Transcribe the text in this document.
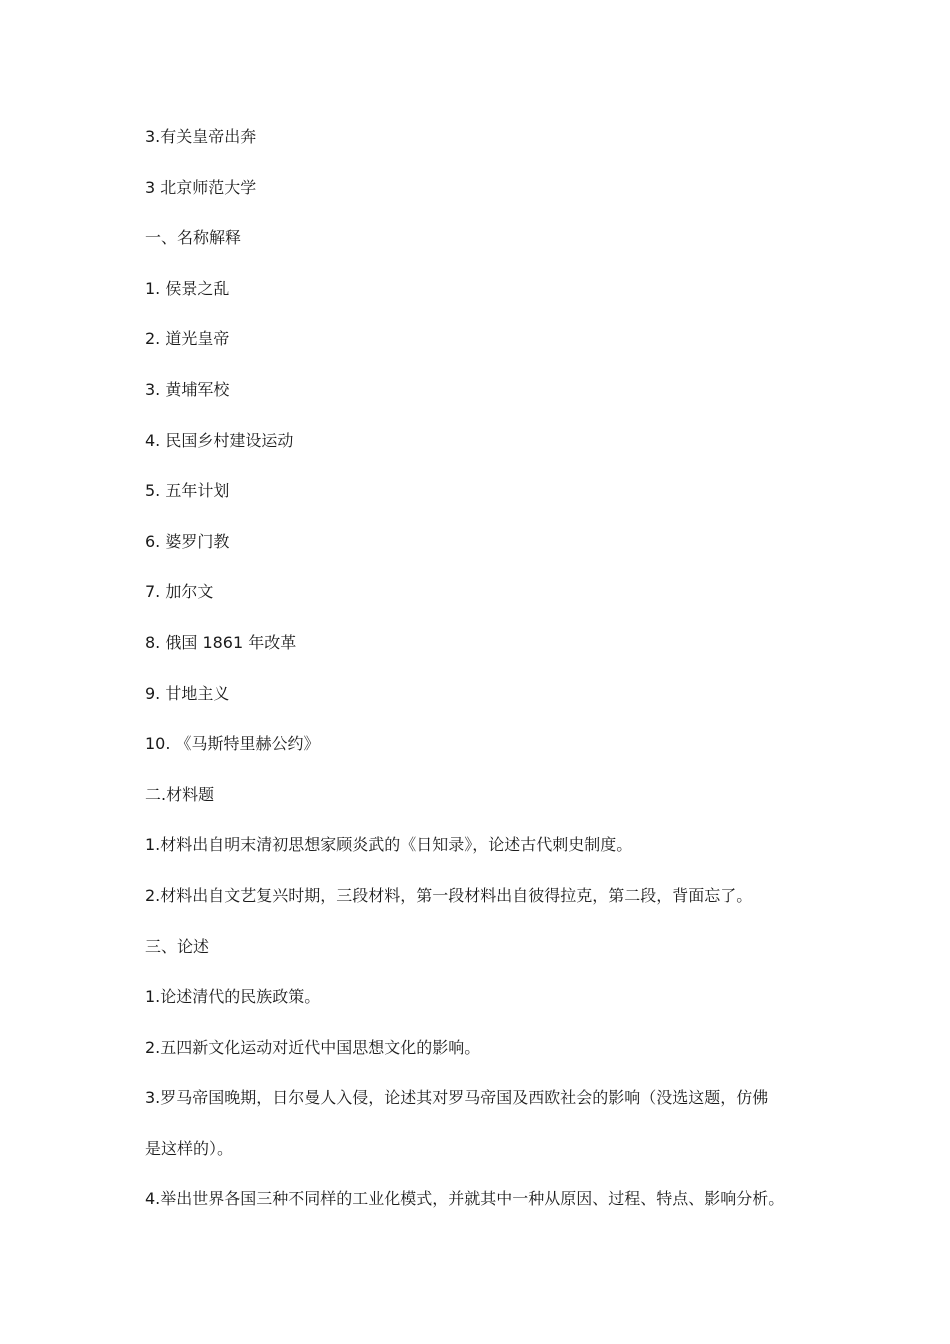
3.有关皇帝出奔
3 北京师范大学
一、名称解释
1. 侯景之乱
2. 道光皇帝
3. 黄埔军校
4. 民国乡村建设运动
5. 五年计划
6. 婆罗门教
7. 加尔文
8. 俄国 1861 年改革
9. 甘地主义
10. 《马斯特里赫公约》
二.材料题
1.材料出自明末清初思想家顾炎武的《日知录》，论述古代刺史制度。
2.材料出自文艺复兴时期，三段材料，第一段材料出自彼得拉克，第二段，背面忘了。
三、论述
1.论述清代的民族政策。
2.五四新文化运动对近代中国思想文化的影响。
3.罗马帝国晚期，日尔曼人入侵，论述其对罗马帝国及西欧社会的影响（没选这题，仿佛
是这样的）。
4.举出世界各国三种不同样的工业化模式，并就其中一种从原因、过程、特点、影响分析。
